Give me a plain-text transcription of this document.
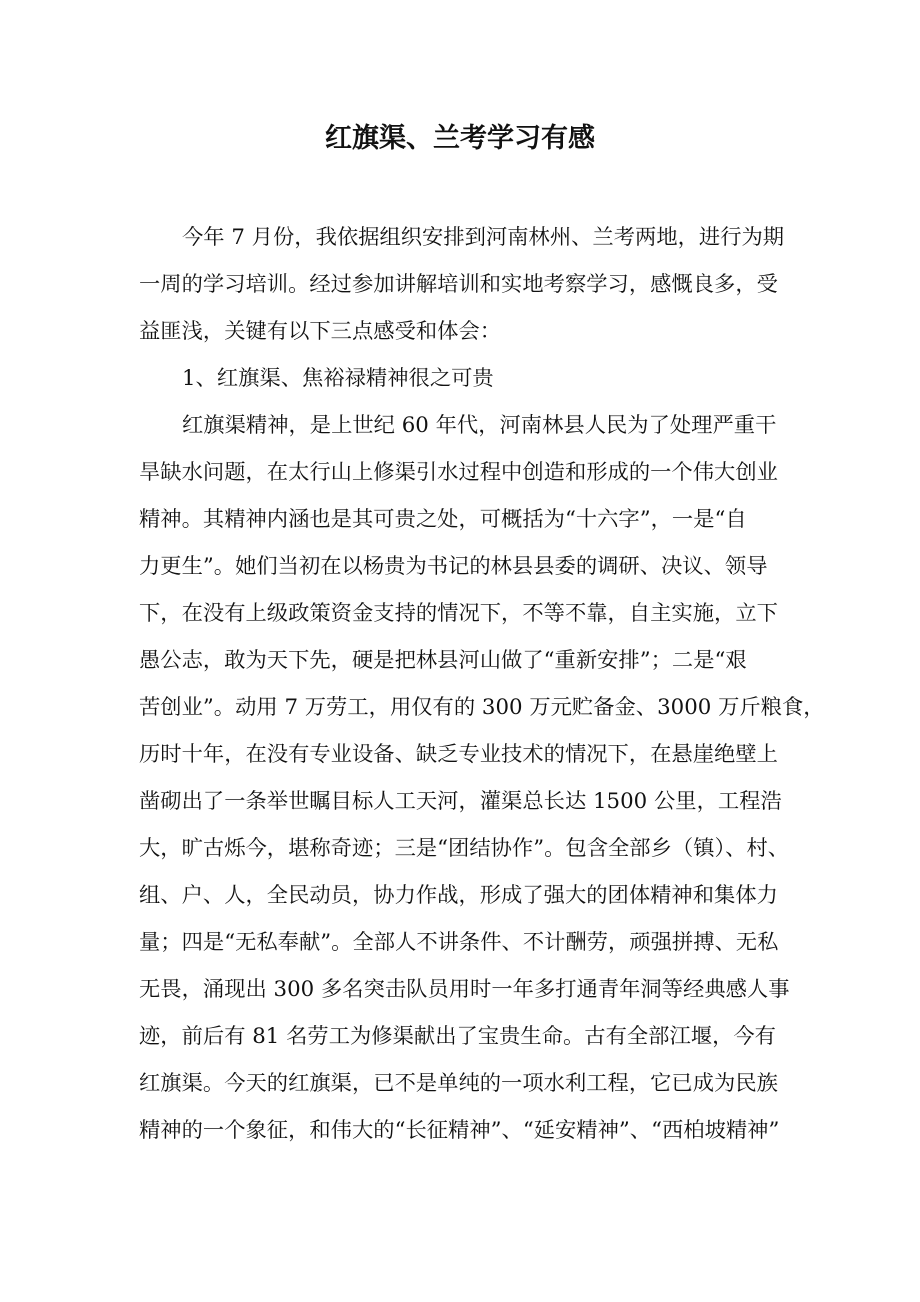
红旗渠、兰考学习有感
今年 7 月份，我依据组织安排到河南林州、兰考两地，进行为期
一周的学习培训。经过参加讲解培训和实地考察学习，感慨良多，受
益匪浅，关键有以下三点感受和体会：
1、红旗渠、焦裕禄精神很之可贵
红旗渠精神，是上世纪 60 年代，河南林县人民为了处理严重干
旱缺水问题，在太行山上修渠引水过程中创造和形成的一个伟大创业
精神。其精神内涵也是其可贵之处，可概括为“十六字”，一是“自
力更生”。她们当初在以杨贵为书记的林县县委的调研、决议、领导
下，在没有上级政策资金支持的情况下，不等不靠，自主实施，立下
愚公志，敢为天下先，硬是把林县河山做了“重新安排”；二是“艰
苦创业”。动用 7 万劳工，用仅有的 300 万元贮备金、3000 万斤粮食，
历时十年，在没有专业设备、缺乏专业技术的情况下，在悬崖绝壁上
凿砌出了一条举世瞩目标人工天河，灌渠总长达 1500 公里，工程浩
大，旷古烁今，堪称奇迹；三是“团结协作”。包含全部乡（镇）、村、
组、户、人，全民动员，协力作战，形成了强大的团体精神和集体力
量；四是“无私奉献”。全部人不讲条件、不计酬劳，顽强拼搏、无私
无畏，涌现出 300 多名突击队员用时一年多打通青年洞等经典感人事
迹，前后有 81 名劳工为修渠献出了宝贵生命。古有全部江堰，今有
红旗渠。今天的红旗渠，已不是单纯的一项水利工程，它已成为民族
精神的一个象征，和伟大的“长征精神”、“延安精神”、“西柏坡精神”
